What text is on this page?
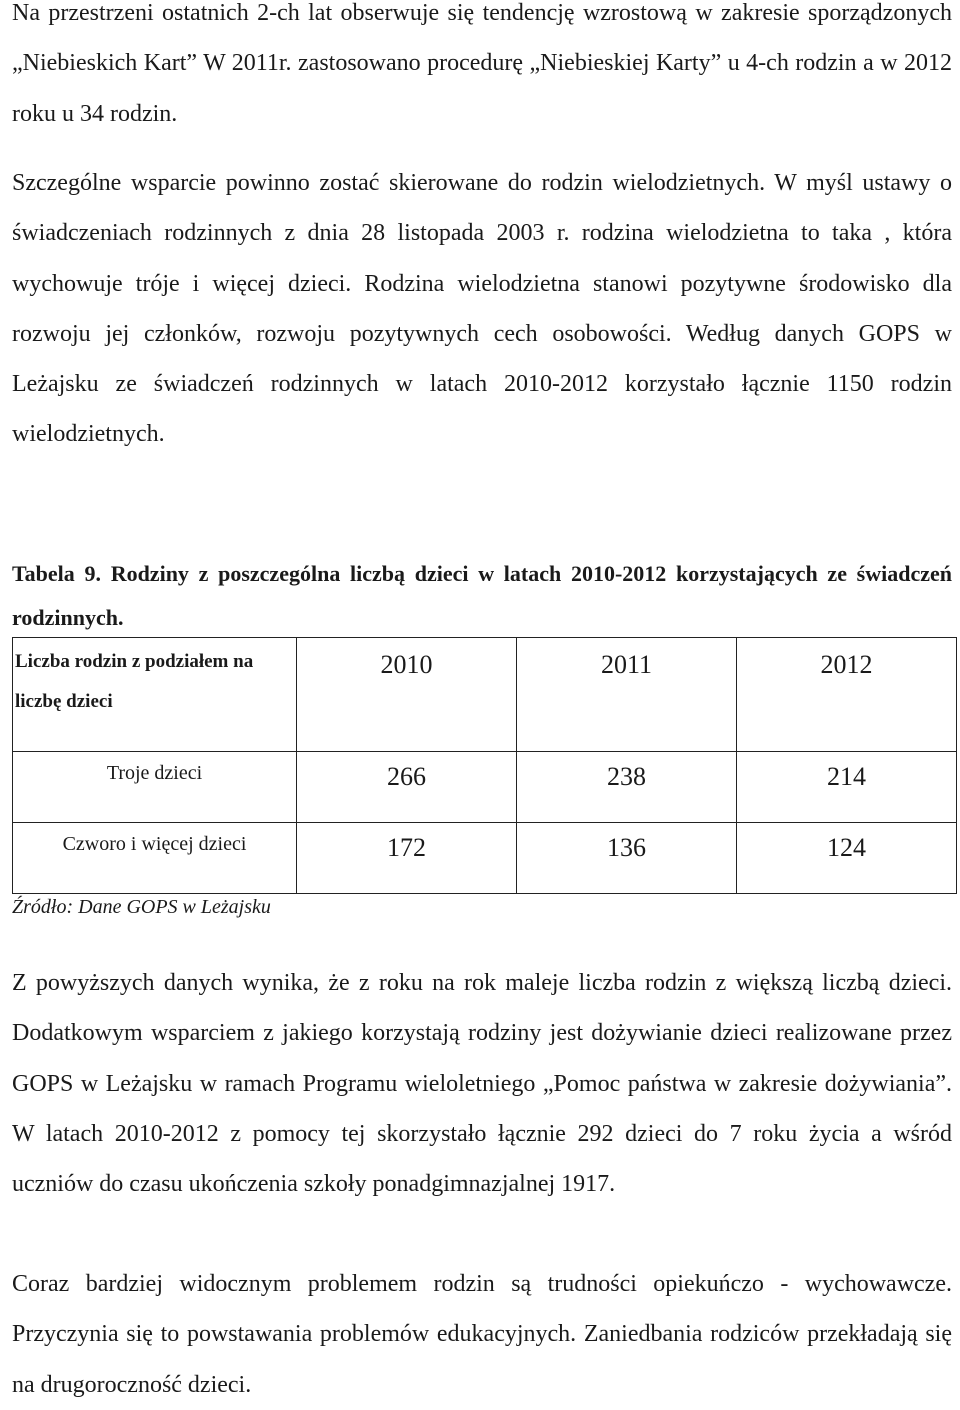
Na przestrzeni ostatnich 2-ch lat obserwuje się tendencję wzrostową w zakresie sporządzonych „Niebieskich Kart” W 2011r. zastosowano procedurę „Niebieskiej Karty” u 4-ch rodzin a w 2012 roku u 34 rodzin.

Szczególne wsparcie powinno zostać skierowane do rodzin wielodzietnych. W myśl ustawy o świadczeniach rodzinnych z dnia 28 listopada 2003 r. rodzina wielodzietna to taka , która wychowuje tróje i więcej dzieci. Rodzina wielodzietna stanowi pozytywne środowisko dla rozwoju jej członków, rozwoju pozytywnych cech osobowości. Według danych GOPS w Leżajsku ze świadczeń rodzinnych w latach 2010-2012 korzystało łącznie 1150 rodzin wielodzietnych.

Tabela 9. Rodziny z poszczególna liczbą dzieci w latach 2010-2012 korzystających ze świadczeń rodzinnych.

Liczba rodzin z podziałem na liczbę dzieci	2010	2011	2012
Troje dzieci	266	238	214
Czworo i więcej dzieci	172	136	124
Źródło: Dane GOPS w Leżajsku

Z powyższych danych wynika, że z roku na rok maleje liczba rodzin z większą liczbą dzieci. Dodatkowym wsparciem z jakiego korzystają rodziny jest dożywianie dzieci realizowane przez GOPS w Leżajsku w ramach Programu wieloletniego „Pomoc państwa w zakresie dożywiania”. W latach 2010-2012 z pomocy tej skorzystało łącznie 292 dzieci do 7 roku życia a wśród uczniów do czasu ukończenia szkoły ponadgimnazjalnej 1917.

Coraz bardziej widocznym problemem rodzin są trudności opiekuńczo - wychowawcze. Przyczynia się to powstawania problemów edukacyjnych. Zaniedbania rodziców przekładają się na drugoroczność dzieci.
